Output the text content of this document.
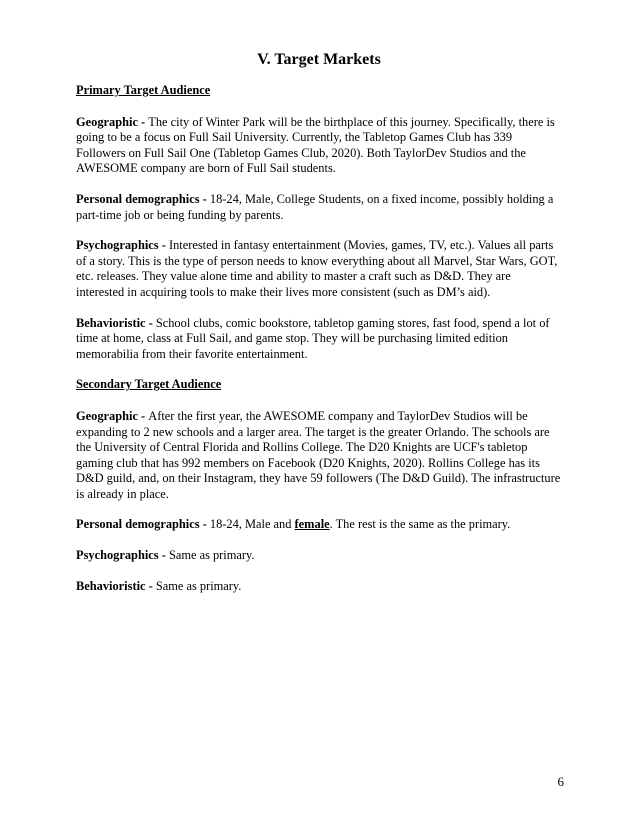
V. Target Markets
Primary Target Audience

Geographic - The city of Winter Park will be the birthplace of this journey. Specifically, there is going to be a focus on Full Sail University. Currently, the Tabletop Games Club has 339 Followers on Full Sail One (Tabletop Games Club, 2020). Both TaylorDev Studios and the AWESOME company are born of Full Sail students.

Personal demographics - 18-24, Male, College Students, on a fixed income, possibly holding a part-time job or being funding by parents.

Psychographics - Interested in fantasy entertainment (Movies, games, TV, etc.). Values all parts of a story. This is the type of person needs to know everything about all Marvel, Star Wars, GOT, etc. releases. They value alone time and ability to master a craft such as D&D. They are interested in acquiring tools to make their lives more consistent (such as DM’s aid).

Behavioristic - School clubs, comic bookstore, tabletop gaming stores, fast food, spend a lot of time at home, class at Full Sail, and game stop. They will be purchasing limited edition memorabilia from their favorite entertainment.

Secondary Target Audience

Geographic - After the first year, the AWESOME company and TaylorDev Studios will be expanding to 2 new schools and a larger area. The target is the greater Orlando. The schools are the University of Central Florida and Rollins College. The D20 Knights are UCF's tabletop gaming club that has 992 members on Facebook (D20 Knights, 2020). Rollins College has its D&D guild, and, on their Instagram, they have 59 followers (The D&D Guild). The infrastructure is already in place.

Personal demographics - 18-24, Male and female. The rest is the same as the primary.

Psychographics - Same as primary.

Behavioristic - Same as primary.

6
